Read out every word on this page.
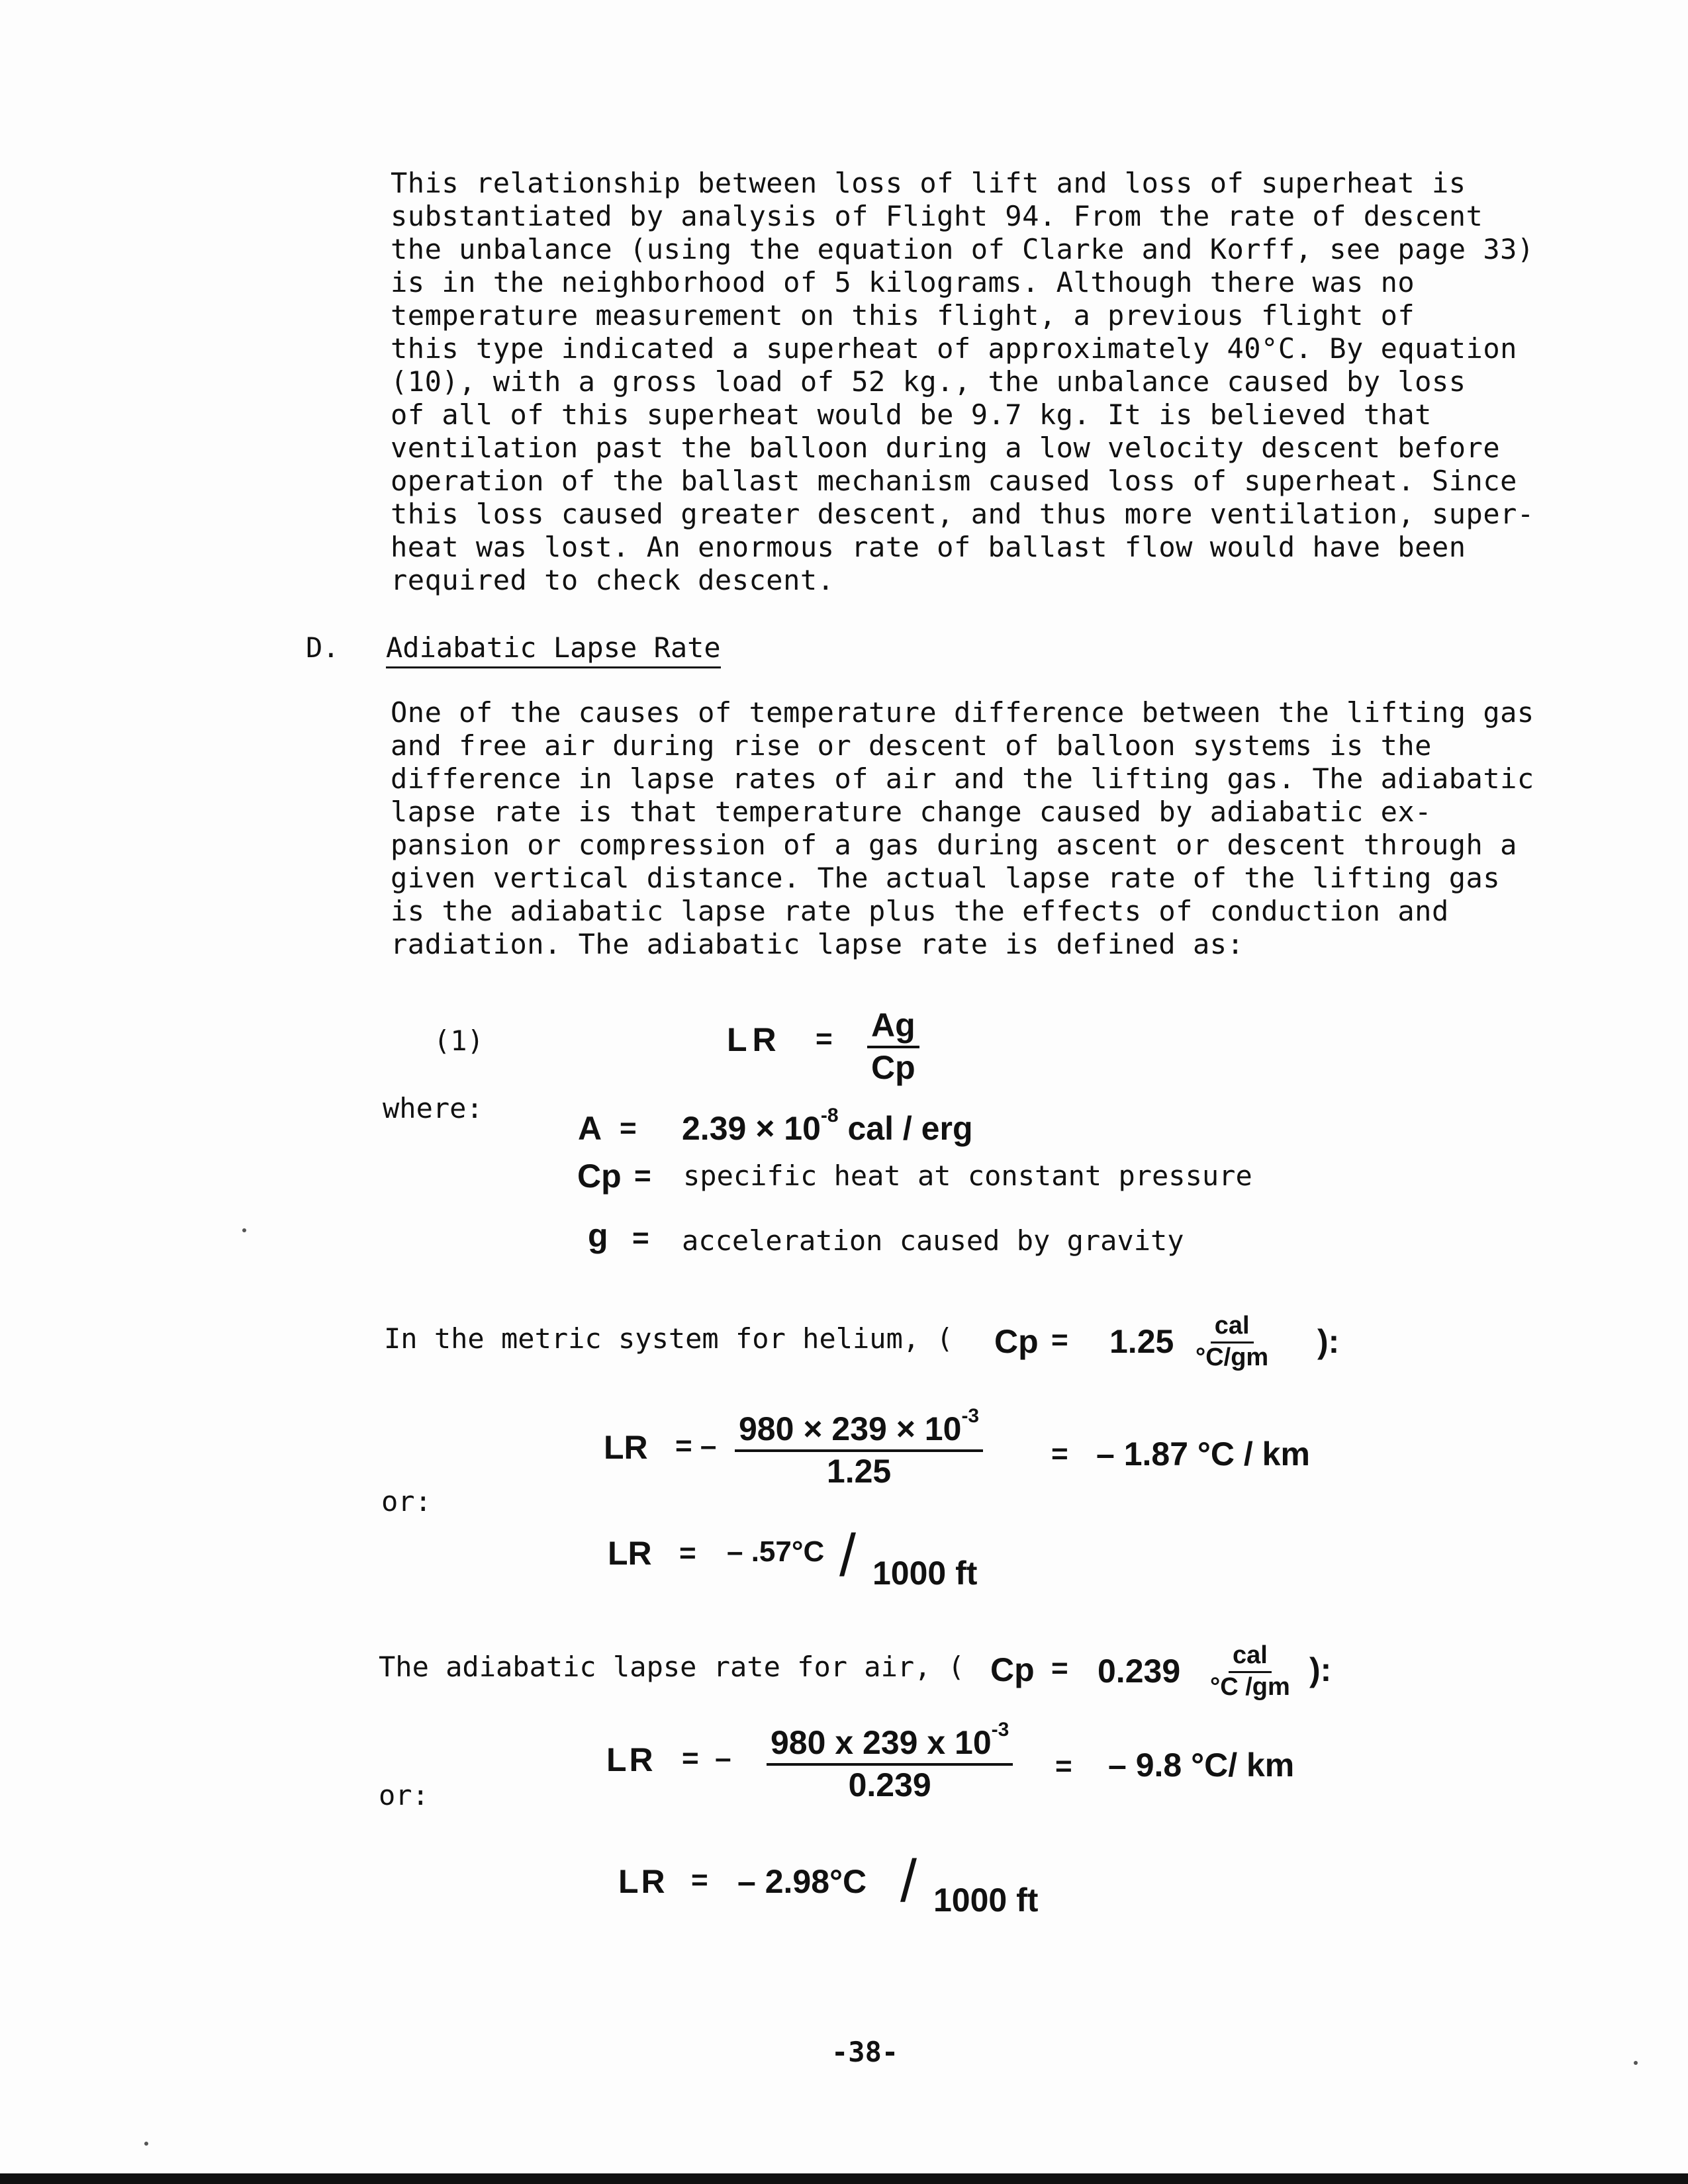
This relationship between loss of lift and loss of superheat is
substantiated by analysis of Flight 94. From the rate of descent
the unbalance (using the equation of Clarke and Korff, see page 33)
is in the neighborhood of 5 kilograms. Although there was no
temperature measurement on this flight, a previous flight of
this type indicated a superheat of approximately 40°C. By equation
(10), with a gross load of 52 kg., the unbalance caused by loss
of all of this superheat would be 9.7 kg. It is believed that
ventilation past the balloon during a low velocity descent before
operation of the ballast mechanism caused loss of superheat. Since
this loss caused greater descent, and thus more ventilation, super-
heat was lost. An enormous rate of ballast flow would have been
required to check descent.
D. Adiabatic Lapse Rate
One of the causes of temperature difference between the lifting gas
and free air during rise or descent of balloon systems is the
difference in lapse rates of air and the lifting gas. The adiabatic
lapse rate is that temperature change caused by adiabatic ex-
pansion or compression of a gas during ascent or descent through a
given vertical distance. The actual lapse rate of the lifting gas
is the adiabatic lapse rate plus the effects of conduction and
radiation. The adiabatic lapse rate is defined as:
(1)	LR = $\frac{Ag}{Cp}$
where:
$A = 2.39 \times 10^{-8}$ cal / erg
Cp = specific heat at constant pressure
g = acceleration caused by gravity
In the metric system for helium, ( Cp = 1.25 cal
°C/gm ):
LR = – $\frac{980 \times 239 \times 10^{-3}}{1.25}$ = – 1.87 °C / km
or:
LR = – .57°C / 1000 ft
The adiabatic lapse rate for air, ( Cp = 0.239 cal
°C /gm ):
LR =  – $\frac{980 x 239 x 10^{-3}}{0.239}$ = – 9.8 °C/ km
or:
LR = – 2.98°C / 1000 ft
-38-
